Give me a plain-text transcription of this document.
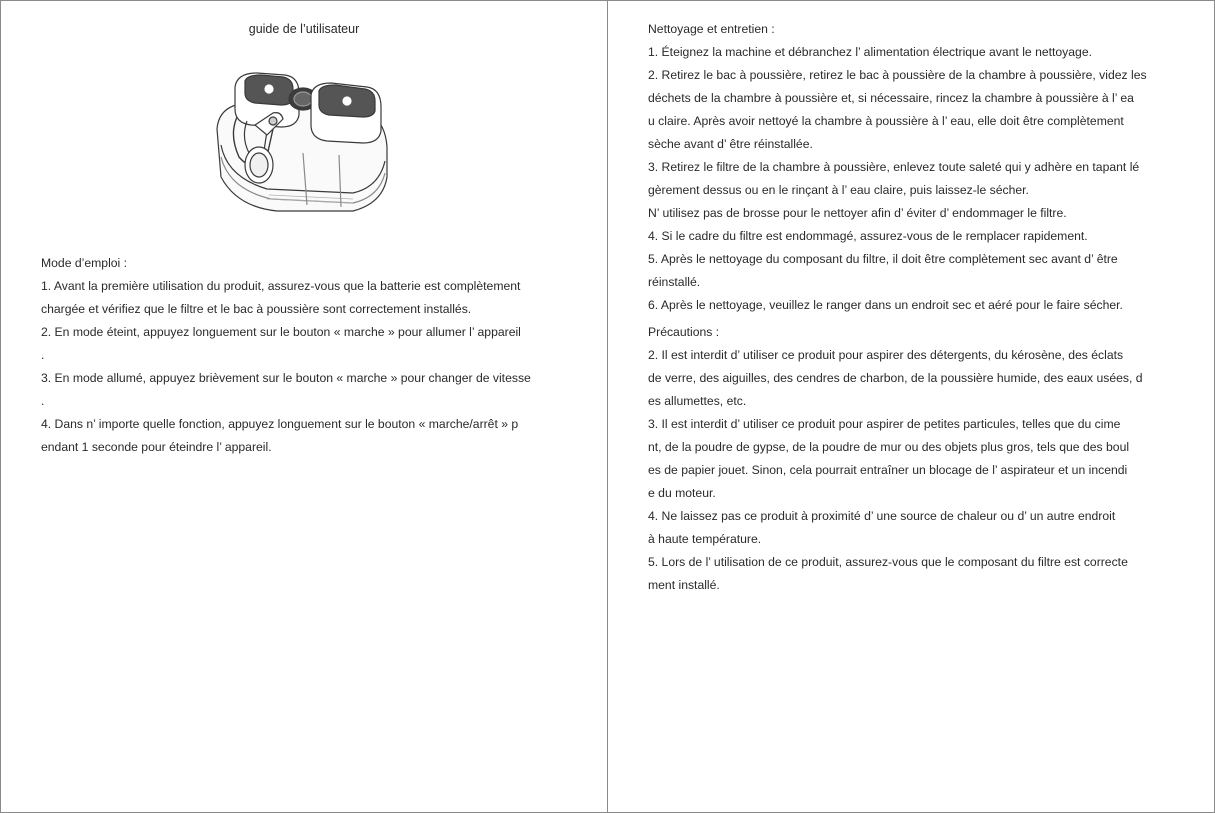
guide de l’utilisateur

Mode d’emploi :

1. Avant la première utilisation du produit, assurez-vous que la batterie est complètement

chargée et vérifiez que le filtre et le bac à poussière sont correctement installés.

2. En mode éteint, appuyez longuement sur le bouton « marche » pour allumer l’ appareil

.

3. En mode allumé, appuyez brièvement sur le bouton « marche » pour changer de vitesse

.

4. Dans n’ importe quelle fonction, appuyez longuement sur le bouton « marche/arrêt » p

endant 1 seconde pour éteindre l’ appareil.

Nettoyage et entretien :

1. Éteignez la machine et débranchez l’ alimentation électrique avant le nettoyage.

2. Retirez le bac à poussière, retirez le bac à poussière de la chambre à poussière, videz les

déchets de la chambre à poussière et, si nécessaire, rincez la chambre à poussière à l’ ea

u claire. Après avoir nettoyé la chambre à poussière à l’ eau, elle doit être complètement

sèche avant d’ être réinstallée.

3. Retirez le filtre de la chambre à poussière, enlevez toute saleté qui y adhère en tapant lé

gèrement dessus ou en le rinçant à l’ eau claire, puis laissez-le sécher.

N’ utilisez pas de brosse pour le nettoyer afin d’ éviter d’ endommager le filtre.

4. Si le cadre du filtre est endommagé, assurez-vous de le remplacer rapidement.

5. Après le nettoyage du composant du filtre, il doit être complètement sec avant d’ être

réinstallé.

6. Après le nettoyage, veuillez le ranger dans un endroit sec et aéré pour le faire sécher.

Précautions :

2. Il est interdit d’ utiliser ce produit pour aspirer des détergents, du kérosène, des éclats

de verre, des aiguilles, des cendres de charbon, de la poussière humide, des eaux usées, d

es allumettes, etc.

3. Il est interdit d’ utiliser ce produit pour aspirer de petites particules, telles que du cime

nt, de la poudre de gypse, de la poudre de mur ou des objets plus gros, tels que des boul

es de papier jouet. Sinon, cela pourrait entraîner un blocage de l’ aspirateur et un incendi

e du moteur.

4. Ne laissez pas ce produit à proximité d’ une source de chaleur ou d’ un autre endroit

à haute température.

5. Lors de l’ utilisation de ce produit, assurez-vous que le composant du filtre est correcte

ment installé.
